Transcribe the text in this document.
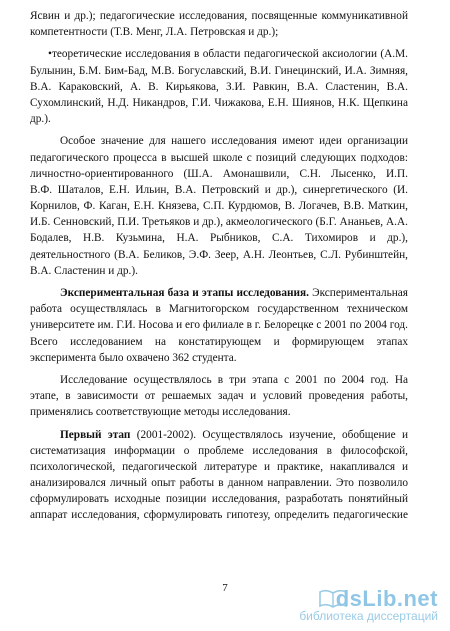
Ясвин и др.); педагогические исследования, посвященные коммуникативной
компетентности (Т.В. Менг, Л.А. Петровская и др.);
•теоретические исследования в области педагогической аксиологии (А.М.
Булынин, Б.М. Бим-Бад, М.В. Богуславский, В.И. Гинецинский, И.А. Зимняя,
В.А. Караковский, А. В. Кирьякова, З.И. Равкин, В.А. Сластенин, В.А.
Сухомлинский, Н.Д. Никандров, Г.И. Чижакова, Е.Н. Шиянов, Н.К. Щепкина
др.).
Особое значение для нашего исследования имеют идеи организации
педагогического процесса в высшей школе с позиций следующих подходов:
личностно-ориентированного (Ш.А. Амонашвили, С.Н. Лысенко, И.П.
В.Ф. Шаталов, Е.Н. Ильин, В.А. Петровский и др.), синергетического (И.
Корнилов, Ф. Каган, Е.Н. Князева, С.П. Курдюмов, В. Логачев, В.В. Маткин,
И.Б. Сенновский, П.И. Третьяков и др.), акмеологического (Б.Г. Ананьев, А.А.
Бодалев, Н.В. Кузьмина, Н.А. Рыбников, С.А. Тихомиров и др.),
деятельностного (В.А. Беликов, Э.Ф. Зеер, А.Н. Леонтьев, С.Л. Рубинштейн,
В.А. Сластенин и др.).
Экспериментальная база и этапы исследования. Экспериментальная
работа осуществлялась в Магнитогорском государственном техническом
университете им. Г.И. Носова и его филиале в г. Белорецке с 2001 по 2004 год.
Всего исследованием на констатирующем и формирующем этапах
эксперимента было охвачено 362 студента.
Исследование осуществлялось в три этапа с 2001 по 2004 год. На
этапе, в зависимости от решаемых задач и условий проведения работы,
применялись соответствующие методы исследования.
Первый этап (2001-2002). Осуществлялось изучение, обобщение и
систематизация информации о проблеме исследования в философской,
психологической, педагогической литературе и практике, накапливался и
анализировался личный опыт работы в данном направлении. Это позволило
сформулировать исходные позиции исследования, разработать понятийный
аппарат исследования, сформулировать гипотезу, определить педагогические
7	dsLib.net
библиотека диссертаций
